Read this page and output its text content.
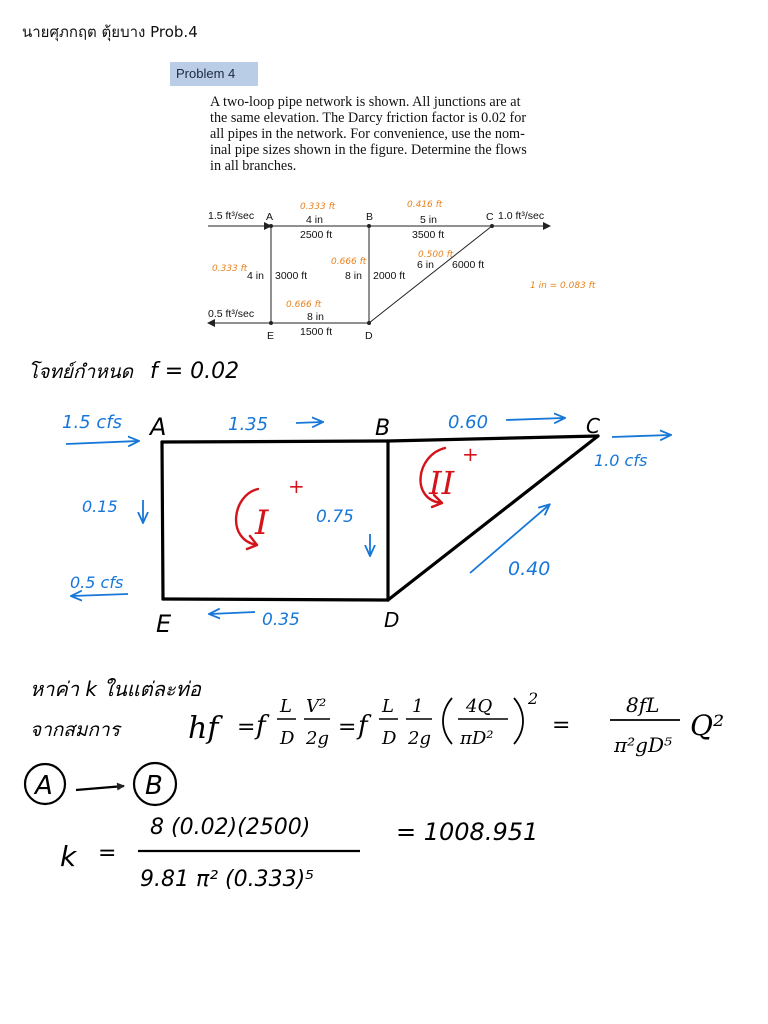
นายศุภกฤต ตุ้ยบาง Prob.4
Problem 4

A two-loop pipe network is shown. All junctions are at

the same elevation. The Darcy friction factor is 0.02 for

all pipes in the network. For convenience, use the nom-

inal pipe sizes shown in the figure. Determine the flows

in all branches.

1.5 ft³/sec A	B	C 1.0 ft³/sec
4 in
2500 ft
5 in
3500 ft
4 in 3000 ft	8 in 2000 ft
6 in 6000 ft
0.5 ft³/sec	8 in
1500 ft
E	D
0.333 ft	0.416 ft
0.333 ft
0.666 ft
0.500 ft
0.666 ft
1 in = 0.083 ft
โจทย์กำหนด f = 0.02
A	B	C
D
E
1.5 cfs	1.35	0.60
1.0 cfs
0.15
0.75
0.40
0.5 cfs
0.35
I
+	II
+
หาค่า k ในแต่ละท่อ
จากสมการ hf = f
L
D
V²
2g = f
L
D
1
2g
4Q
πD²
2
=
8fL
π²gD⁵
Q²
A	B
k =
8 (0.02)(2500)
9.81 π² (0.333)⁵
= 1008.951
